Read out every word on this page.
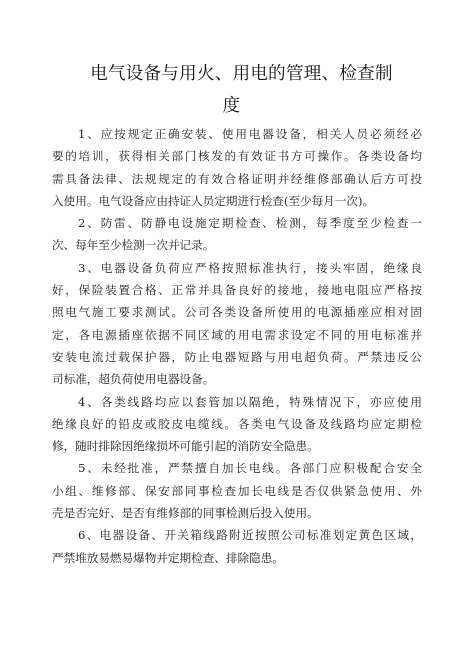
电气设备与用火、用电的管理、检查制
度
1、应按规定正确安装、使用电器设备，相关人员必须经必
要的培训，获得相关部门核发的有效证书方可操作。各类设备均
需具备法律、法规规定的有效合格证明并经维修部确认后方可投
入使用。电气设备应由持证人员定期进行检查(至少每月一次)。
2、防雷、防静电设施定期检查、检测，每季度至少检查一
次、每年至少检测一次并记录。
3、电器设备负荷应严格按照标准执行，接头牢固，绝缘良
好，保险装置合格、正常并具备良好的接地，接地电阻应严格按
照电气施工要求测试。公司各类设备所使用的电源插座应相对固
定，各电源插座依据不同区域的用电需求设定不同的用电标准并
安装电流过载保护器，防止电器短路与用电超负荷。严禁违反公
司标准，超负荷使用电器设备。
4、各类线路均应以套管加以隔绝，特殊情况下，亦应使用
绝缘良好的铅皮或胶皮电缆线。各类电气设备及线路均应定期检
修，随时排除因绝缘损坏可能引起的消防安全隐患。
5、未经批准，严禁擅自加长电线。各部门应积极配合安全
小组、维修部、保安部同事检查加长电线是否仅供紧急使用、外
壳是否完好、是否有维修部的同事检测后投入使用。
6、电器设备、开关箱线路附近按照公司标准划定黄色区域，
严禁堆放易燃易爆物并定期检查、排除隐患。
